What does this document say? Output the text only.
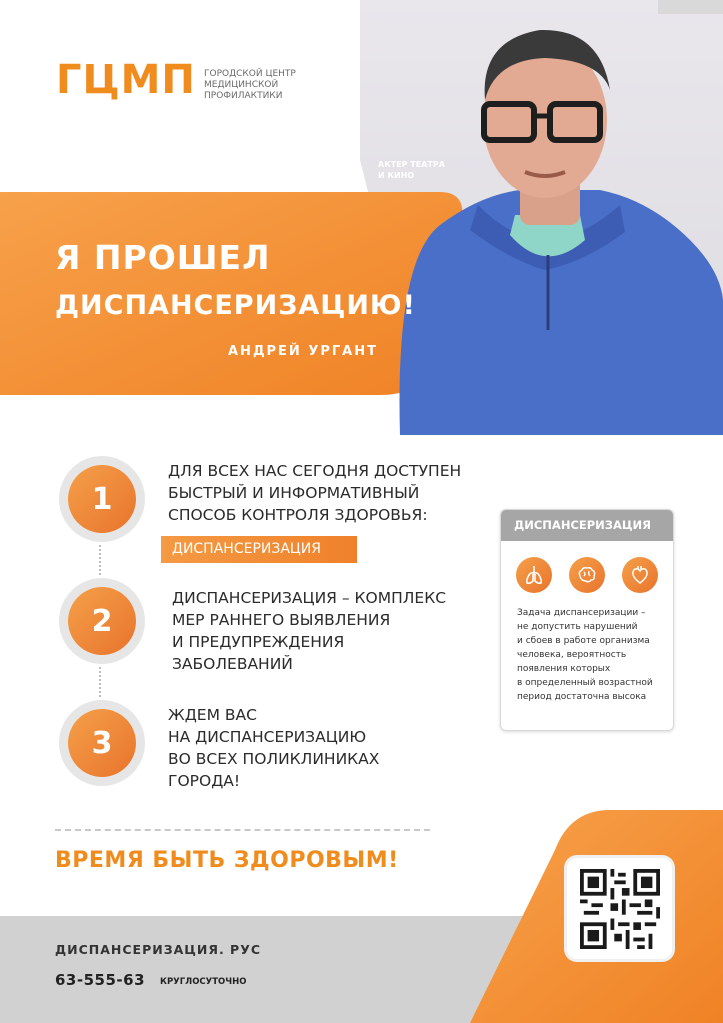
ГЦМП ГОРОДСКОЙ ЦЕНТР
МЕДИЦИНСКОЙ
ПРОФИЛАКТИКИ
АКТЕР ТЕАТРА
И КИНО
Я ПРОШЕЛ
ДИСПАНСЕРИЗАЦИЮ!
АНДРЕЙ УРГАНТ
1
2
3
ДЛЯ ВСЕХ НАС СЕГОДНЯ ДОСТУПЕН
БЫСТРЫЙ И ИНФОРМАТИВНЫЙ
СПОСОБ КОНТРОЛЯ ЗДОРОВЬЯ:
ДИСПАНСЕРИЗАЦИЯ
ДИСПАНСЕРИЗАЦИЯ – КОМПЛЕКС
МЕР РАННЕГО ВЫЯВЛЕНИЯ
И ПРЕДУПРЕЖДЕНИЯ
ЗАБОЛЕВАНИЙ
ЖДЕМ ВАС
НА ДИСПАНСЕРИЗАЦИЮ
ВО ВСЕХ ПОЛИКЛИНИКАХ
ГОРОДА!
ДИСПАНСЕРИЗАЦИЯ
Задача диспансеризации –
не допустить нарушений
и сбоев в работе организма
человека, вероятность
появления которых
в определенный возрастной
период достаточна высока
ВРЕМЯ БЫТЬ ЗДОРОВЫМ!
ДИСПАНСЕРИЗАЦИЯ. РУС
63-555-63 КРУГЛОСУТОЧНО
